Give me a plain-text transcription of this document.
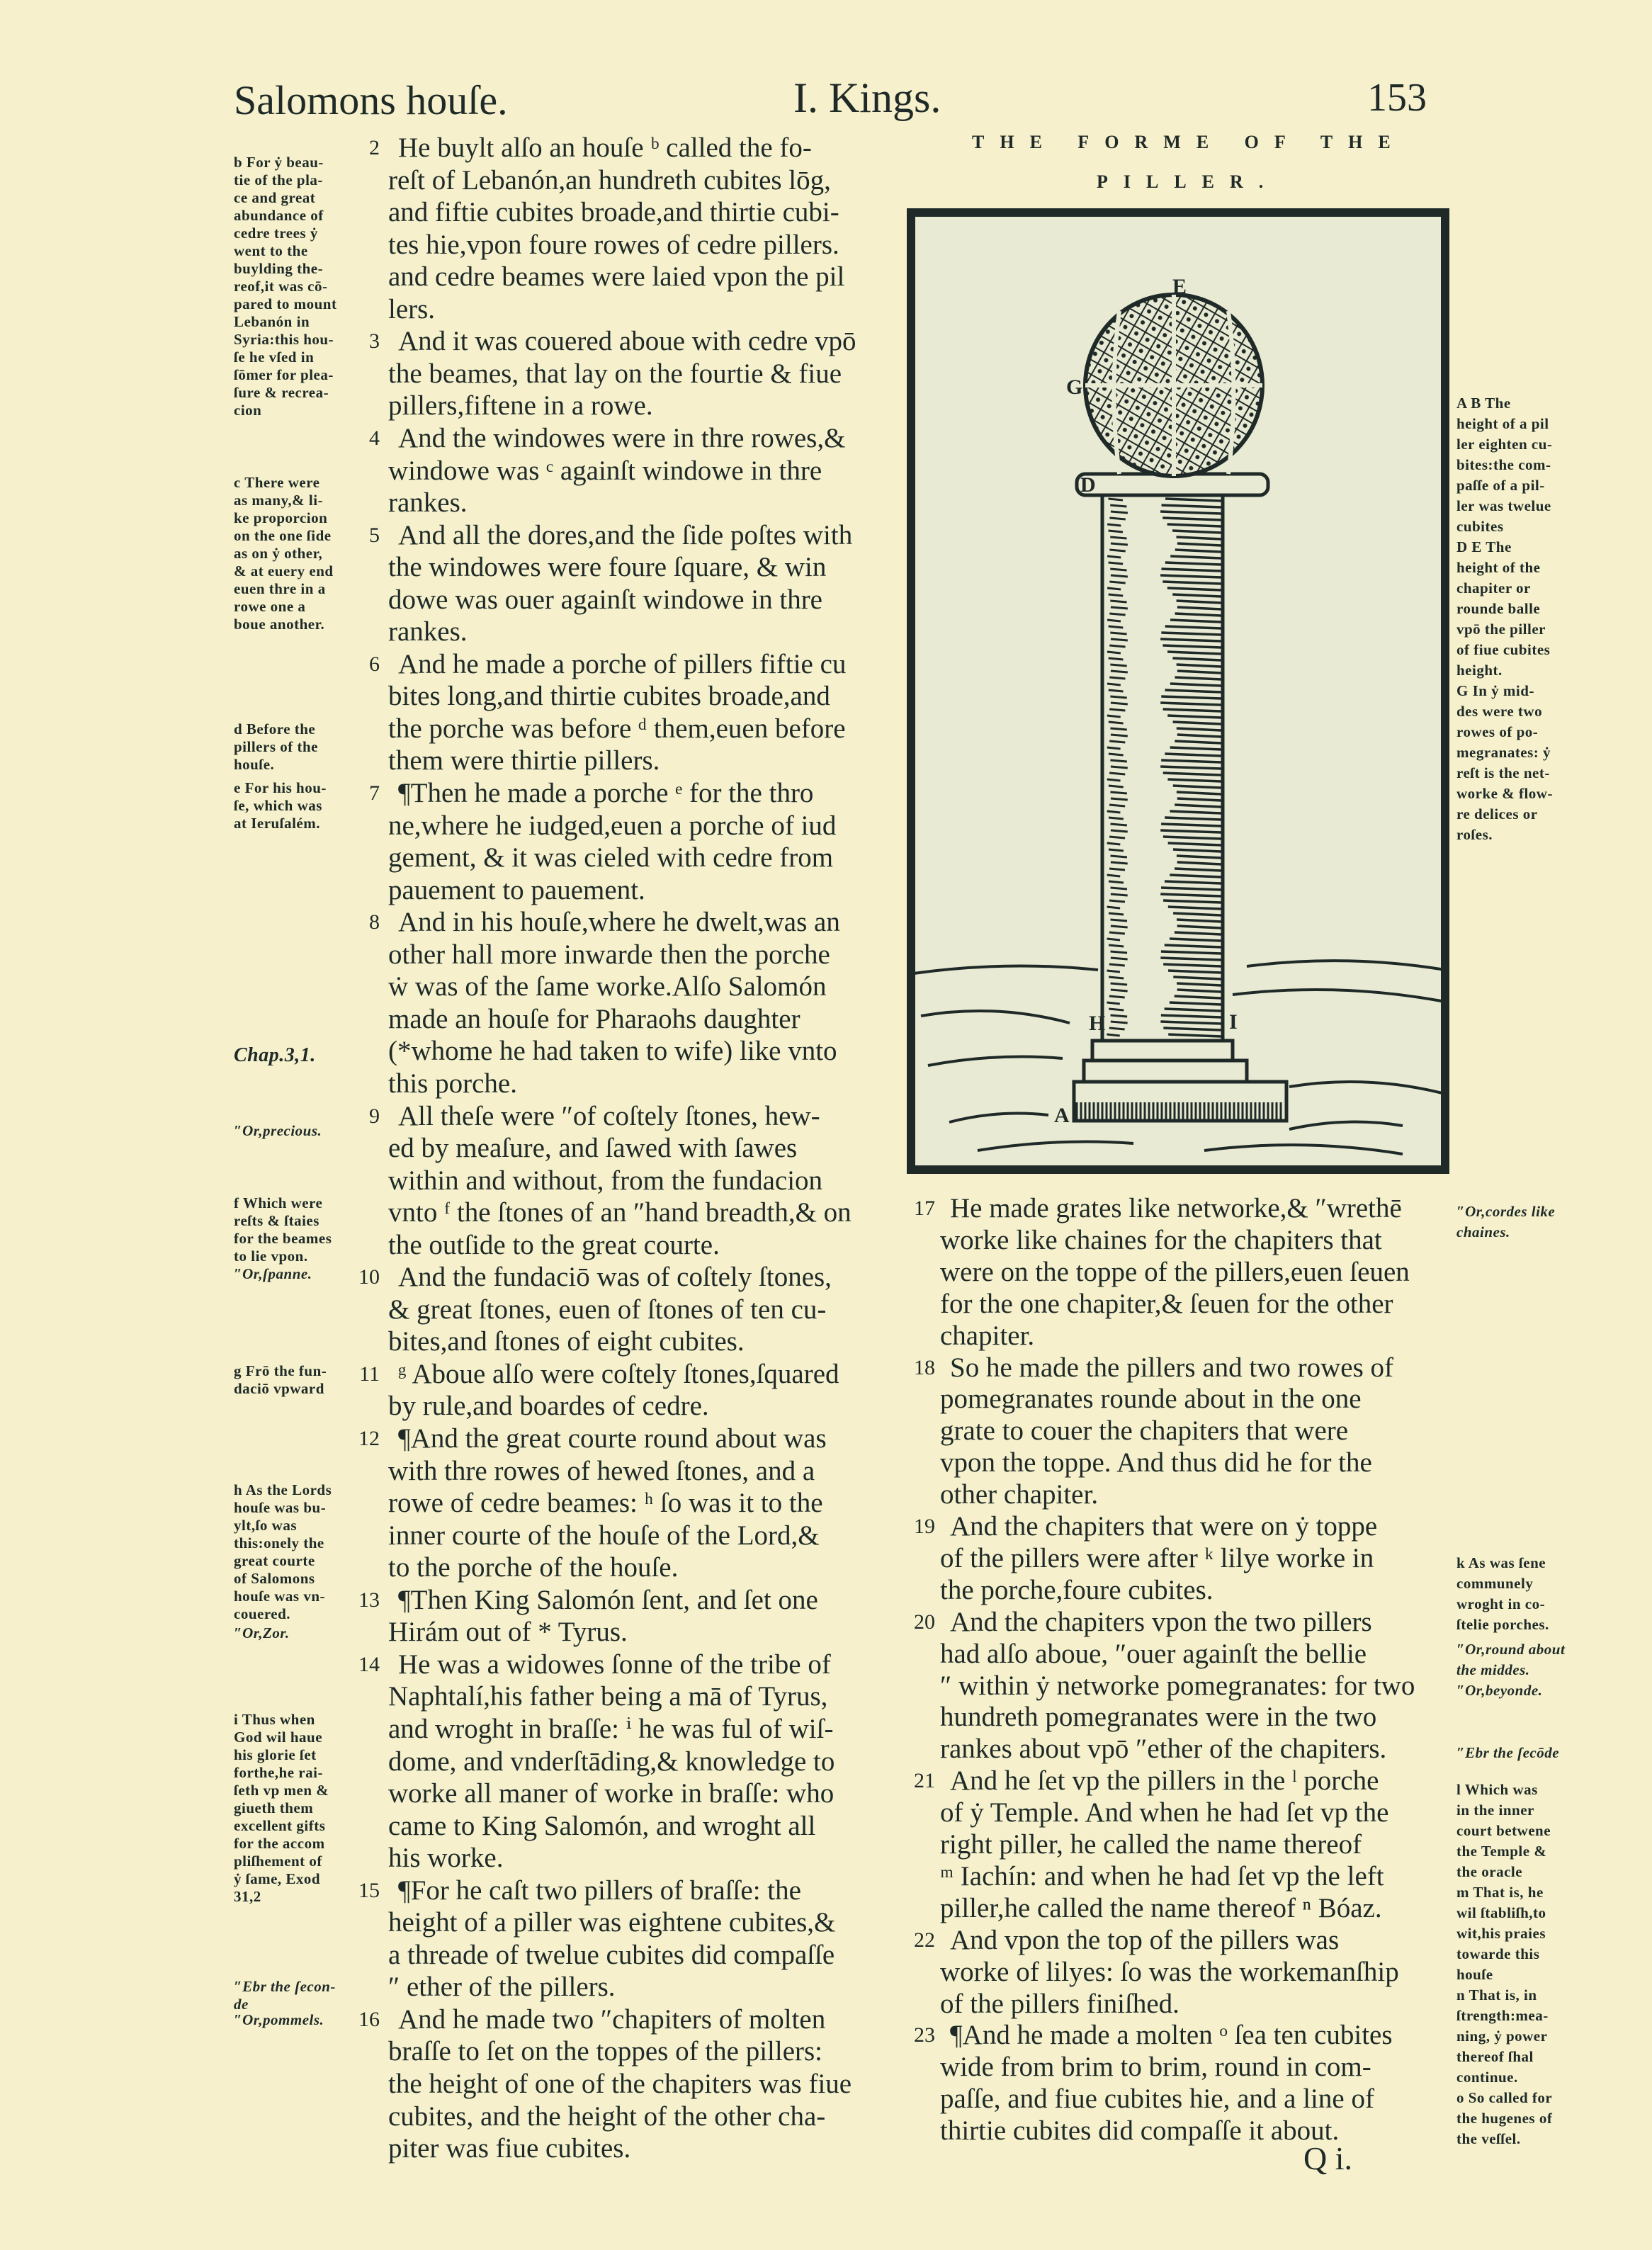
Salomons houſe.	I. Kings.	153
THE FORME OF THE
PILLER.
E
G
D
H	I
A
2 He buylt alſo an houſe ᵇ called the fo-
reſt of Lebanón,an hundreth cubites lōg,
and fiftie cubites broade,and thirtie cubi-
tes hie,vpon foure rowes of cedre pillers.
and cedre beames were laied vpon the pil
lers.
3 And it was couered aboue with cedre vpō
the beames, that lay on the fourtie & fiue
pillers,fiftene in a rowe.
4 And the windowes were in thre rowes,&
windowe was ᶜ againſt windowe in thre
rankes.
5 And all the dores,and the ſide poſtes with
the windowes were foure ſquare, & win
dowe was ouer againſt windowe in thre
rankes.
6 And he made a porche of pillers fiftie cu
bites long,and thirtie cubites broade,and
the porche was before ᵈ them,euen before
them were thirtie pillers.
7 ¶Then he made a porche ᵉ for the thro
ne,where he iudged,euen a porche of iud
gement, & it was cieled with cedre from
pauement to pauement.
8 And in his houſe,where he dwelt,was an
other hall more inwarde then the porche
ẇ was of the ſame worke.Alſo Salomón
made an houſe for Pharaohs daughter
(*whome he had taken to wife) like vnto
this porche.
9 All theſe were ″of coſtely ſtones, hew-
ed by meaſure, and ſawed with ſawes
within and without, from the fundacion
vnto ᶠ the ſtones of an ″hand breadth,& on
the outſide to the great courte.
10 And the fundaciō was of coſtely ſtones,
& great ſtones, euen of ſtones of ten cu-
bites,and ſtones of eight cubites.
11 ᵍ Aboue alſo were coſtely ſtones,ſquared
by rule,and boardes of cedre.
12 ¶And the great courte round about was
with thre rowes of hewed ſtones, and a
rowe of cedre beames: ʰ ſo was it to the
inner courte of the houſe of the Lord,&
to the porche of the houſe.
13 ¶Then King Salomón ſent, and ſet one
Hirám out of * Tyrus.
14 He was a widowes ſonne of the tribe of
Naphtalí,his father being a mā of Tyrus,
and wroght in braſſe: ⁱ he was ful of wiſ-
dome, and vnderſtāding,& knowledge to
worke all maner of worke in braſſe: who
came to King Salomón, and wroght all
his worke.
15 ¶For he caſt two pillers of braſſe: the
height of a piller was eightene cubites,&
a threade of twelue cubites did compaſſe
″ ether of the pillers.
16 And he made two ″chapiters of molten
braſſe to ſet on the toppes of the pillers:
the height of one of the chapiters was fiue
cubites, and the height of the other cha-
piter was fiue cubites.
17 He made grates like networke,& ″wrethē
worke like chaines for the chapiters that
were on the toppe of the pillers,euen ſeuen
for the one chapiter,& ſeuen for the other
chapiter.
18 So he made the pillers and two rowes of
pomegranates rounde about in the one
grate to couer the chapiters that were
vpon the toppe. And thus did he for the
other chapiter.
19 And the chapiters that were on ẏ toppe
of the pillers were after ᵏ lilye worke in
the porche,foure cubites.
20 And the chapiters vpon the two pillers
had alſo aboue, ″ouer againſt the bellie
″ within ẏ networke pomegranates: for two
hundreth pomegranates were in the two
rankes about vpō ″ether of the chapiters.
21 And he ſet vp the pillers in the ˡ porche
of ẏ Temple. And when he had ſet vp the
right piller, he called the name thereof
ᵐ Iachín: and when he had ſet vp the left
piller,he called the name thereof ⁿ Bóaz.
22 And vpon the top of the pillers was
worke of lilyes: ſo was the workemanſhip
of the pillers finiſhed.
23 ¶And he made a molten ᵒ ſea ten cubites
wide from brim to brim, round in com-
paſſe, and fiue cubites hie, and a line of
thirtie cubites did compaſſe it about.
b For ẏ beau-
tie of the pla-
ce and great
abundance of
cedre trees ẏ
went to the
buylding the-
reof,it was cō-
pared to mount
Lebanón in
Syria:this hou-
ſe he vſed in
ſōmer for plea-
ſure & recrea-
cion
c There were
as many,& li-
ke proporcion
on the one ſide
as on ẏ other,
& at euery end
euen thre in a
rowe one a
boue another.
d Before the
pillers of the
houſe.
e For his hou-
ſe, which was
at Ieruſalém.
Chap.3,1.
″Or,precious.
f Which were
reſts & ſtaies
for the beames
to lie vpon.
″Or,ſpanne.
g Frō the fun-
daciō vpward
h As the Lords
houſe was bu-
ylt,ſo was
this:onely the
great courte
of Salomons
houſe was vn-
couered.
″Or,Zor.
i Thus when
God wil haue
his glorie ſet
forthe,he rai-
ſeth vp men &
giueth them
excellent gifts
for the accom
pliſhement of
ẏ ſame, Exod
31,2
″Ebr the ſecon-
de
″Or,pommels.
A B The
height of a pil
ler eighten cu-
bites:the com-
paſſe of a pil-
ler was twelue
cubites
D E The
height of the
chapiter or
rounde balle
vpō the piller
of fiue cubites
height.
G In ẏ mid-
des were two
rowes of po-
megranates: ẏ
reſt is the net-
worke & flow-
re delices or
roſes.
″Or,cordes like
chaines.
k As was ſene
communely
wroght in co-
ſtelie porches.
″Or,round about
the middes.
″Or,beyonde.
″Ebr the ſecōde
l Which was
in the inner
court betwene
the Temple &
the oracle
m That is, he
wil ſtabliſh,to
wit,his praies
towarde this
houſe
n That is, in
ſtrength:mea-
ning, ẏ power
thereof ſhal
continue.
o So called for
the hugenes of
the veſſel.
Q i.
